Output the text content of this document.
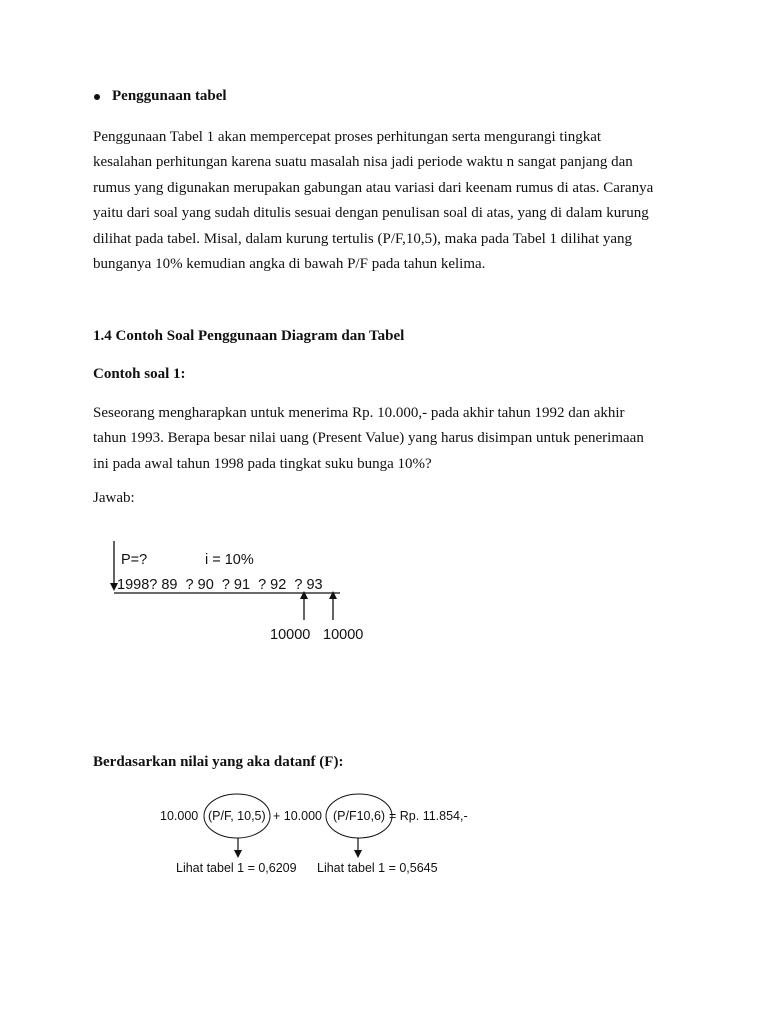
Penggunaan tabel
Penggunaan Tabel 1 akan mempercepat proses perhitungan serta mengurangi tingkat
kesalahan perhitungan karena suatu masalah nisa jadi periode waktu n sangat panjang dan
rumus yang digunakan merupakan gabungan atau variasi dari keenam rumus di atas. Caranya
yaitu dari soal yang sudah ditulis sesuai dengan penulisan soal di atas, yang di dalam kurung
dilihat pada tabel. Misal, dalam kurung tertulis (P/F,10,5), maka pada Tabel 1 dilihat yang
bunganya 10% kemudian angka di bawah P/F pada tahun kelima.
1.4 Contoh Soal Penggunaan Diagram dan Tabel
Contoh soal 1:
Seseorang mengharapkan untuk menerima Rp. 10.000,- pada akhir tahun 1992 dan akhir
tahun 1993. Berapa besar nilai uang (Present Value) yang harus disimpan untuk penerimaan
ini pada awal tahun 1998 pada tingkat suku bunga 10%?
Jawab:
P=?	i = 10%
1998? 89  ? 90  ? 91  ? 92  ? 93
10000 10000
Berdasarkan nilai yang aka datanf (F):
10.000 (P/F, 10,5) + 10.000 (P/F10,6) = Rp. 11.854,-
Lihat tabel 1 = 0,6209 Lihat tabel 1 = 0,5645
